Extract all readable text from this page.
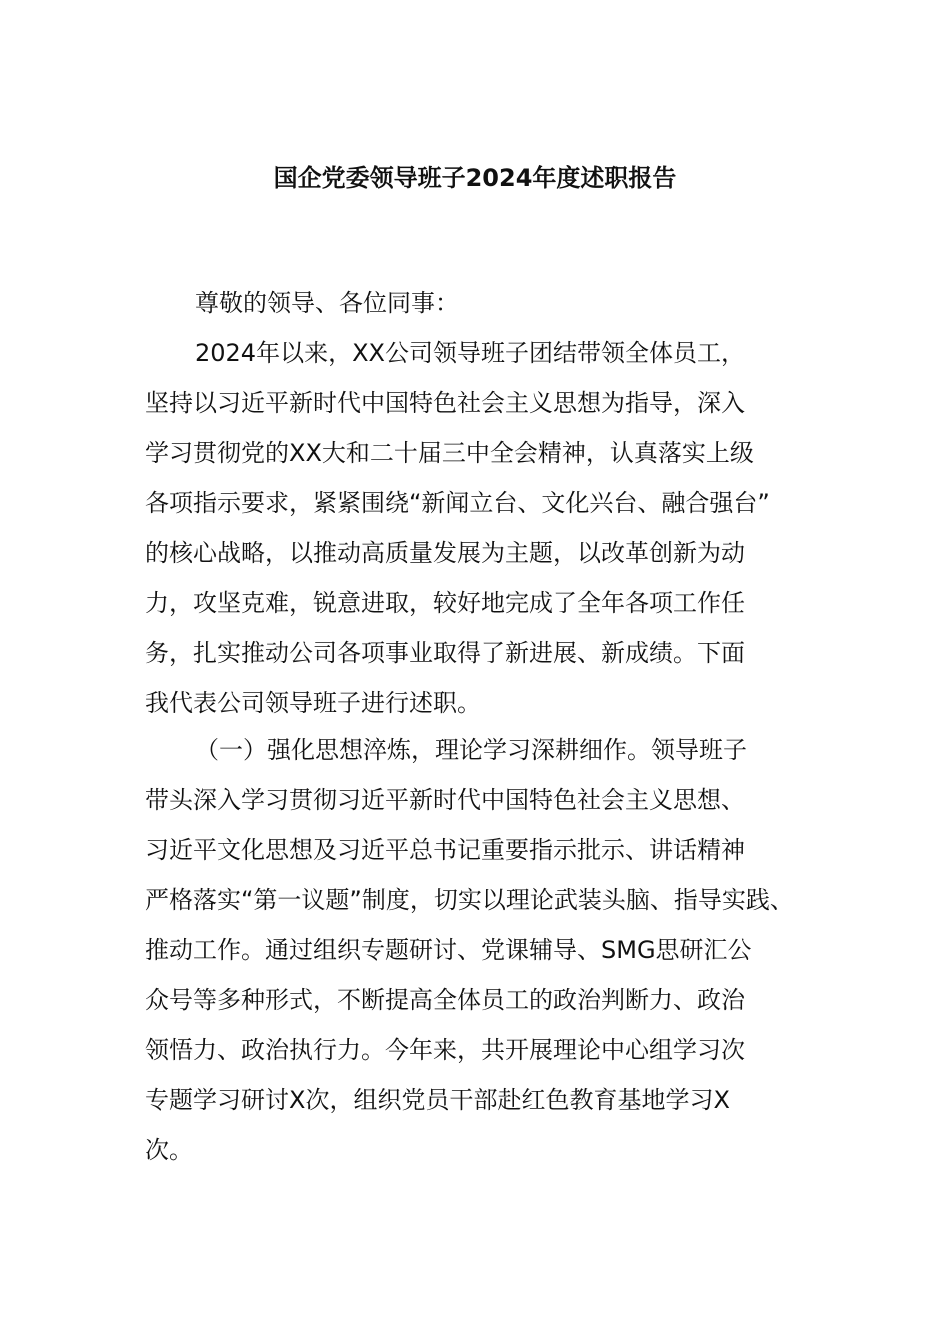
国企党委领导班子2024年度述职报告
尊敬的领导、各位同事：
2024年以来，XX公司领导班子团结带领全体员工，
坚持以习近平新时代中国特色社会主义思想为指导，深入
学习贯彻党的XX大和二十届三中全会精神，认真落实上级
各项指示要求，紧紧围绕“新闻立台、文化兴台、融合强台”
的核心战略，以推动高质量发展为主题，以改革创新为动
力，攻坚克难，锐意进取，较好地完成了全年各项工作任
务，扎实推动公司各项事业取得了新进展、新成绩。下面
我代表公司领导班子进行述职。
（一）强化思想淬炼，理论学习深耕细作。领导班子
带头深入学习贯彻习近平新时代中国特色社会主义思想、
习近平文化思想及习近平总书记重要指示批示、讲话精神
严格落实“第一议题”制度，切实以理论武装头脑、指导实践、
推动工作。通过组织专题研讨、党课辅导、SMG思研汇公
众号等多种形式，不断提高全体员工的政治判断力、政治
领悟力、政治执行力。今年来，共开展理论中心组学习次
专题学习研讨X次，组织党员干部赴红色教育基地学习X
次。
